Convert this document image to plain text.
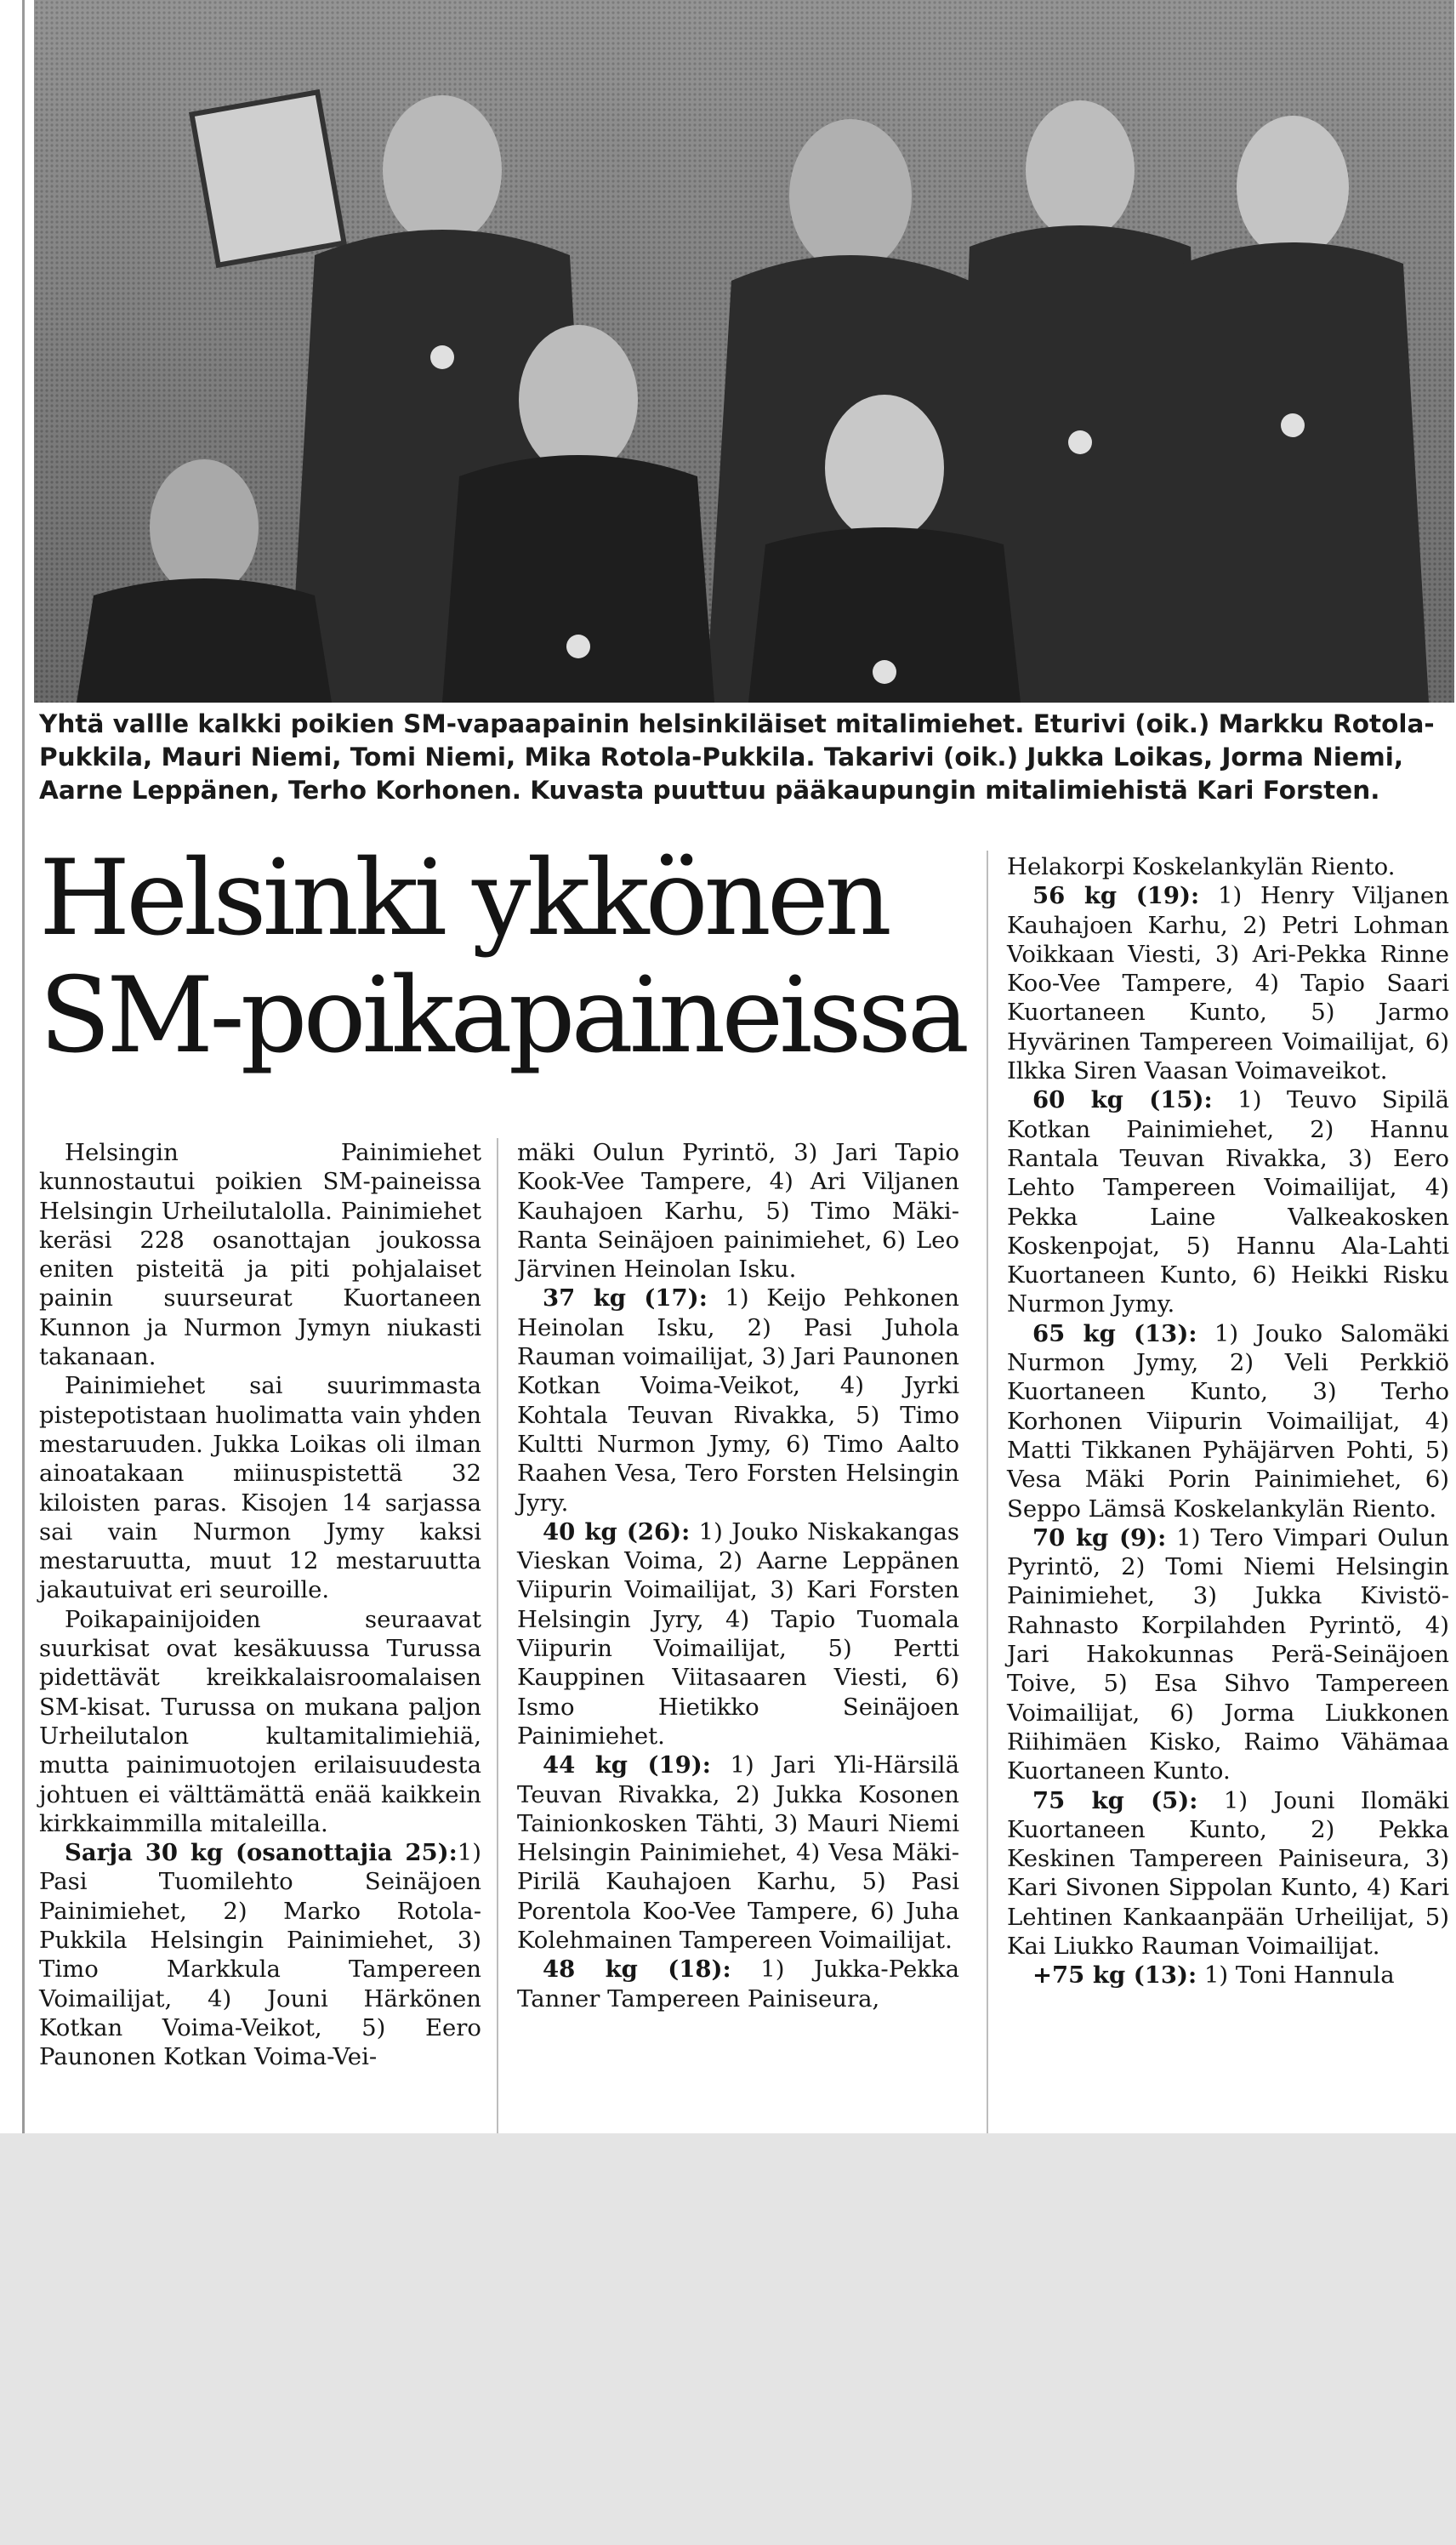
Yhtä vallle kalkki poikien SM-vapaapainin helsinkiläiset mitalimiehet. Eturivi (oik.) Markku Rotola-Pukkila, Mauri Niemi, Tomi Niemi, Mika Rotola-Pukkila. Takarivi (oik.) Jukka Loikas, Jorma Niemi, Aarne Leppänen, Terho Korhonen. Kuvasta puuttuu pääkaupungin mitalimiehistä Kari Forsten.

Helsinki ykkönen
SM-poikapaineissa

Helsingin Painimiehet kunnostautui poikien SM-paineissa Helsingin Urheilutalolla. Painimiehet keräsi 228 osanottajan joukossa eniten pisteitä ja piti pohjalaiset painin suurseurat Kuortaneen Kunnon ja Nurmon Jymyn niukasti takanaan.

Painimiehet sai suurimmasta pistepotistaan huolimatta vain yhden mestaruuden. Jukka Loikas oli ilman ainoatakaan miinuspistettä 32 kiloisten paras. Kisojen 14 sarjassa sai vain Nurmon Jymy kaksi mestaruutta, muut 12 mestaruutta jakautuivat eri seuroille.

Poikapainijoiden seuraavat suurkisat ovat kesäkuussa Turussa pidettävät kreikkalaisroomalaisen SM-kisat. Turussa on mukana paljon Urheilutalon kultamitalimiehiä, mutta painimuotojen erilaisuudesta johtuen ei välttämättä enää kaikkein kirkkaimmilla mitaleilla.

Sarja 30 kg (osanottajia 25):1) Pasi Tuomilehto Seinäjoen Painimiehet, 2) Marko Rotola-Pukkila Helsingin Painimiehet, 3) Timo Markkula Tampereen Voimailijat, 4) Jouni Härkönen Kotkan Voima-Veikot, 5) Eero Paunonen Kotkan Voima-Vei-

mäki Oulun Pyrintö, 3) Jari Tapio Kook-Vee Tampere, 4) Ari Viljanen Kauhajoen Karhu, 5) Timo Mäki-Ranta Seinäjoen painimiehet, 6) Leo Järvinen Heinolan Isku.

37 kg (17): 1) Keijo Pehkonen Heinolan Isku, 2) Pasi Juhola Rauman voimailijat, 3) Jari Paunonen Kotkan Voima-Veikot, 4) Jyrki Kohtala Teuvan Rivakka, 5) Timo Kultti Nurmon Jymy, 6) Timo Aalto Raahen Vesa, Tero Forsten Helsingin Jyry.

40 kg (26): 1) Jouko Niskakangas Vieskan Voima, 2) Aarne Leppänen Viipurin Voimailijat, 3) Kari Forsten Helsingin Jyry, 4) Tapio Tuomala Viipurin Voimailijat, 5) Pertti Kauppinen Viitasaaren Viesti, 6) Ismo Hietikko Seinäjoen Painimiehet.

44 kg (19): 1) Jari Yli-Härsilä Teuvan Rivakka, 2) Jukka Kosonen Tainionkosken Tähti, 3) Mauri Niemi Helsingin Painimiehet, 4) Vesa Mäki-Pirilä Kauhajoen Karhu, 5) Pasi Porentola Koo-Vee Tampere, 6) Juha Kolehmainen Tampereen Voimailijat.

48 kg (18): 1) Jukka-Pekka Tanner Tampereen Painiseura,

Helakorpi Koskelankylän Riento.

56 kg (19): 1) Henry Viljanen Kauhajoen Karhu, 2) Petri Lohman Voikkaan Viesti, 3) Ari-Pekka Rinne Koo-Vee Tampere, 4) Tapio Saari Kuortaneen Kunto, 5) Jarmo Hyvärinen Tampereen Voimailijat, 6) Ilkka Siren Vaasan Voimaveikot.

60 kg (15): 1) Teuvo Sipilä Kotkan Painimiehet, 2) Hannu Rantala Teuvan Rivakka, 3) Eero Lehto Tampereen Voimailijat, 4) Pekka Laine Valkeakosken Koskenpojat, 5) Hannu Ala-Lahti Kuortaneen Kunto, 6) Heikki Risku Nurmon Jymy.

65 kg (13): 1) Jouko Salomäki Nurmon Jymy, 2) Veli Perkkiö Kuortaneen Kunto, 3) Terho Korhonen Viipurin Voimailijat, 4) Matti Tikkanen Pyhäjärven Pohti, 5) Vesa Mäki Porin Painimiehet, 6) Seppo Lämsä Koskelankylän Riento.

70 kg (9): 1) Tero Vimpari Oulun Pyrintö, 2) Tomi Niemi Helsingin Painimiehet, 3) Jukka Kivistö-Rahnasto Korpilahden Pyrintö, 4) Jari Hakokunnas Perä-Seinäjoen Toive, 5) Esa Sihvo Tampereen Voimailijat, 6) Jorma Liukkonen Riihimäen Kisko, Raimo Vähämaa Kuortaneen Kunto.

75 kg (5): 1) Jouni Ilomäki Kuortaneen Kunto, 2) Pekka Keskinen Tampereen Painiseura, 3) Kari Sivonen Sippolan Kunto, 4) Kari Lehtinen Kankaanpään Urheilijat, 5) Kai Liukko Rauman Voimailijat.

+75 kg (13): 1) Toni Hannula
